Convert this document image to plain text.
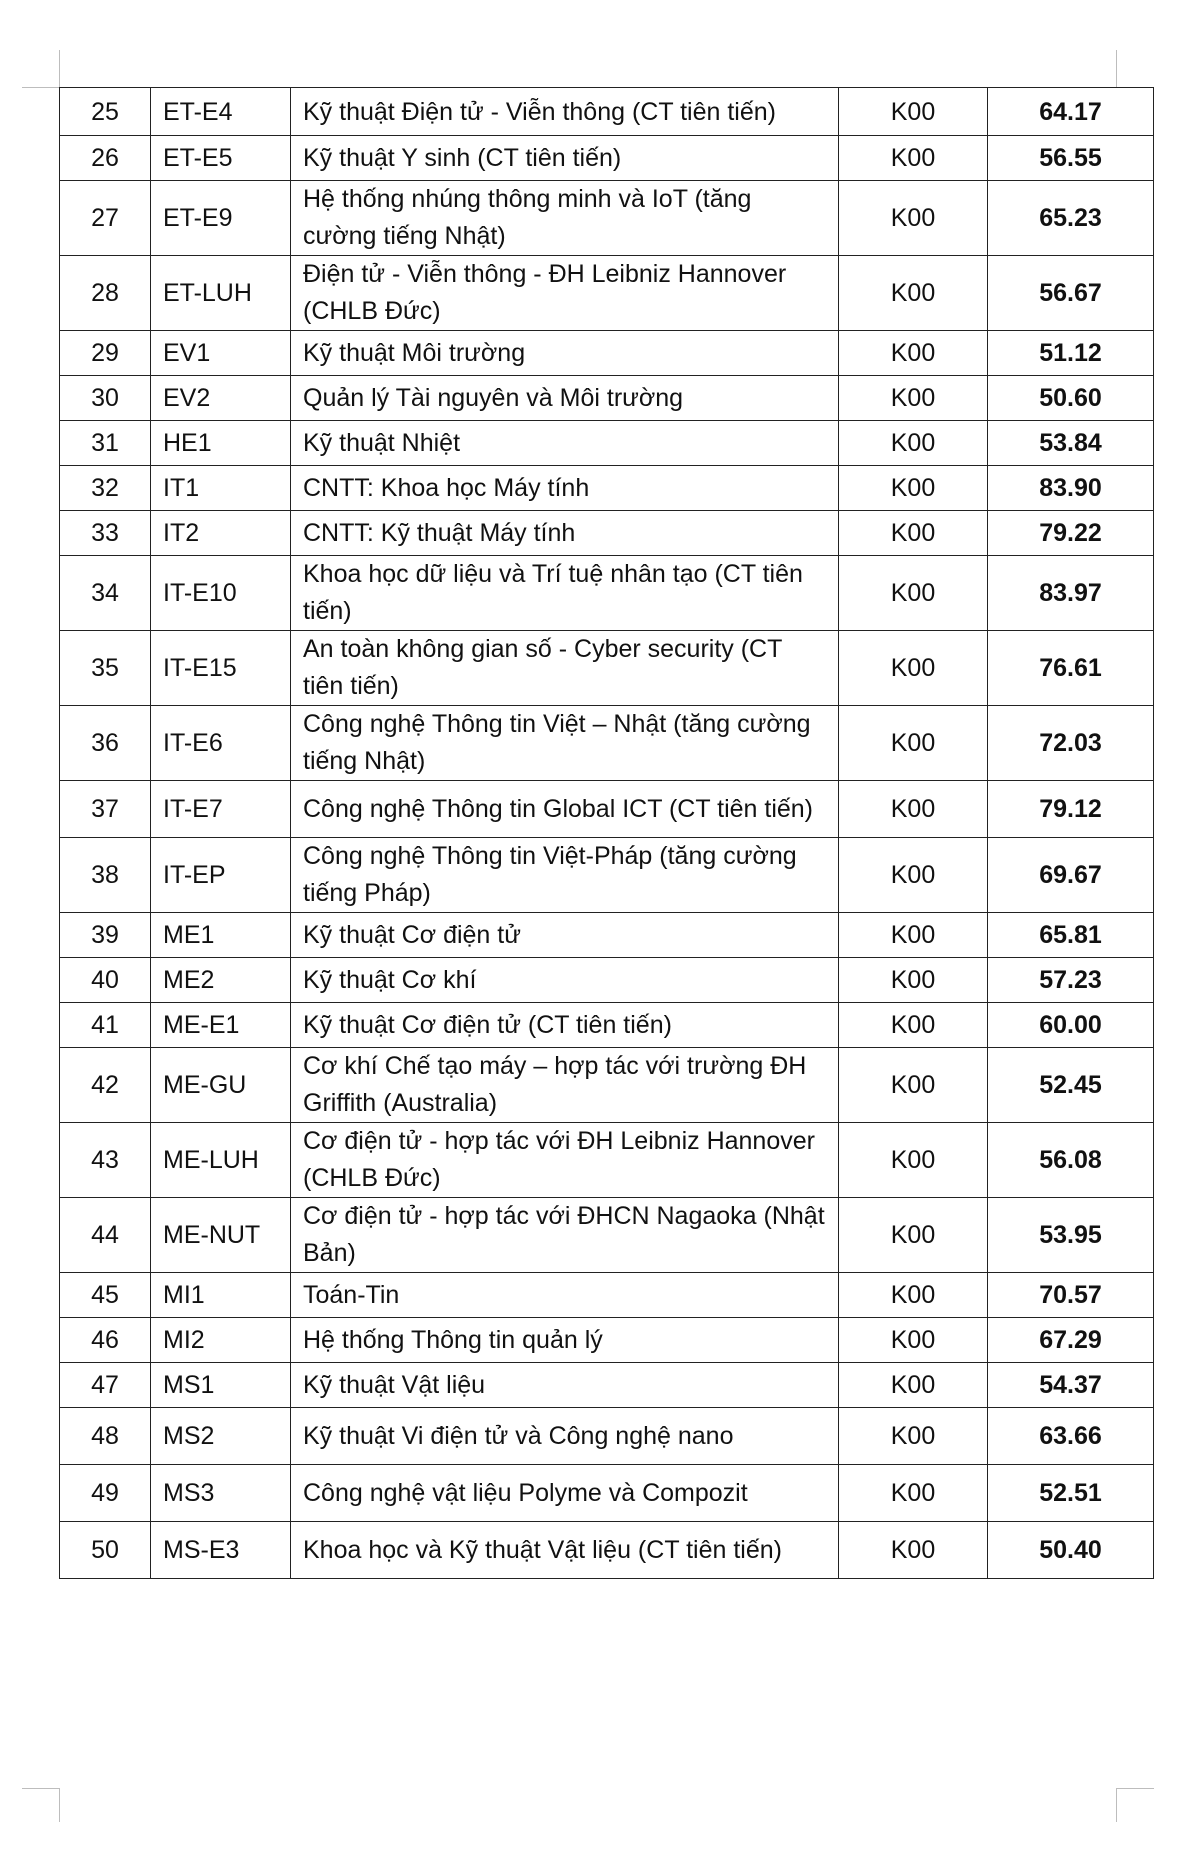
25	ET-E4	Kỹ thuật Điện tử - Viễn thông (CT tiên tiến)	K00	64.17
26	ET-E5	Kỹ thuật Y sinh (CT tiên tiến)	K00	56.55
27	ET-E9	Hệ thống nhúng thông minh và IoT (tăng cường tiếng Nhật)	K00	65.23
28	ET-LUH	Điện tử - Viễn thông - ĐH Leibniz Hannover (CHLB Đức)	K00	56.67
29	EV1	Kỹ thuật Môi trường	K00	51.12
30	EV2	Quản lý Tài nguyên và Môi trường	K00	50.60
31	HE1	Kỹ thuật Nhiệt	K00	53.84
32	IT1	CNTT: Khoa học Máy tính	K00	83.90
33	IT2	CNTT: Kỹ thuật Máy tính	K00	79.22
34	IT-E10	Khoa học dữ liệu và Trí tuệ nhân tạo (CT tiên tiến)	K00	83.97
35	IT-E15	An toàn không gian số - Cyber security (CT tiên tiến)	K00	76.61
36	IT-E6	Công nghệ Thông tin Việt – Nhật (tăng cường tiếng Nhật)	K00	72.03
37	IT-E7	Công nghệ Thông tin Global ICT (CT tiên tiến)	K00	79.12
38	IT-EP	Công nghệ Thông tin Việt-Pháp (tăng cường tiếng Pháp)	K00	69.67
39	ME1	Kỹ thuật Cơ điện tử	K00	65.81
40	ME2	Kỹ thuật Cơ khí	K00	57.23
41	ME-E1	Kỹ thuật Cơ điện tử (CT tiên tiến)	K00	60.00
42	ME-GU	Cơ khí Chế tạo máy – hợp tác với trường ĐH Griffith (Australia)	K00	52.45
43	ME-LUH	Cơ điện tử - hợp tác với ĐH Leibniz Hannover (CHLB Đức)	K00	56.08
44	ME-NUT	Cơ điện tử - hợp tác với ĐHCN Nagaoka (Nhật Bản)	K00	53.95
45	MI1	Toán-Tin	K00	70.57
46	MI2	Hệ thống Thông tin quản lý	K00	67.29
47	MS1	Kỹ thuật Vật liệu	K00	54.37
48	MS2	Kỹ thuật Vi điện tử và Công nghệ nano	K00	63.66
49	MS3	Công nghệ vật liệu Polyme và Compozit	K00	52.51
50	MS-E3	Khoa học và Kỹ thuật Vật liệu (CT tiên tiến)	K00	50.40
